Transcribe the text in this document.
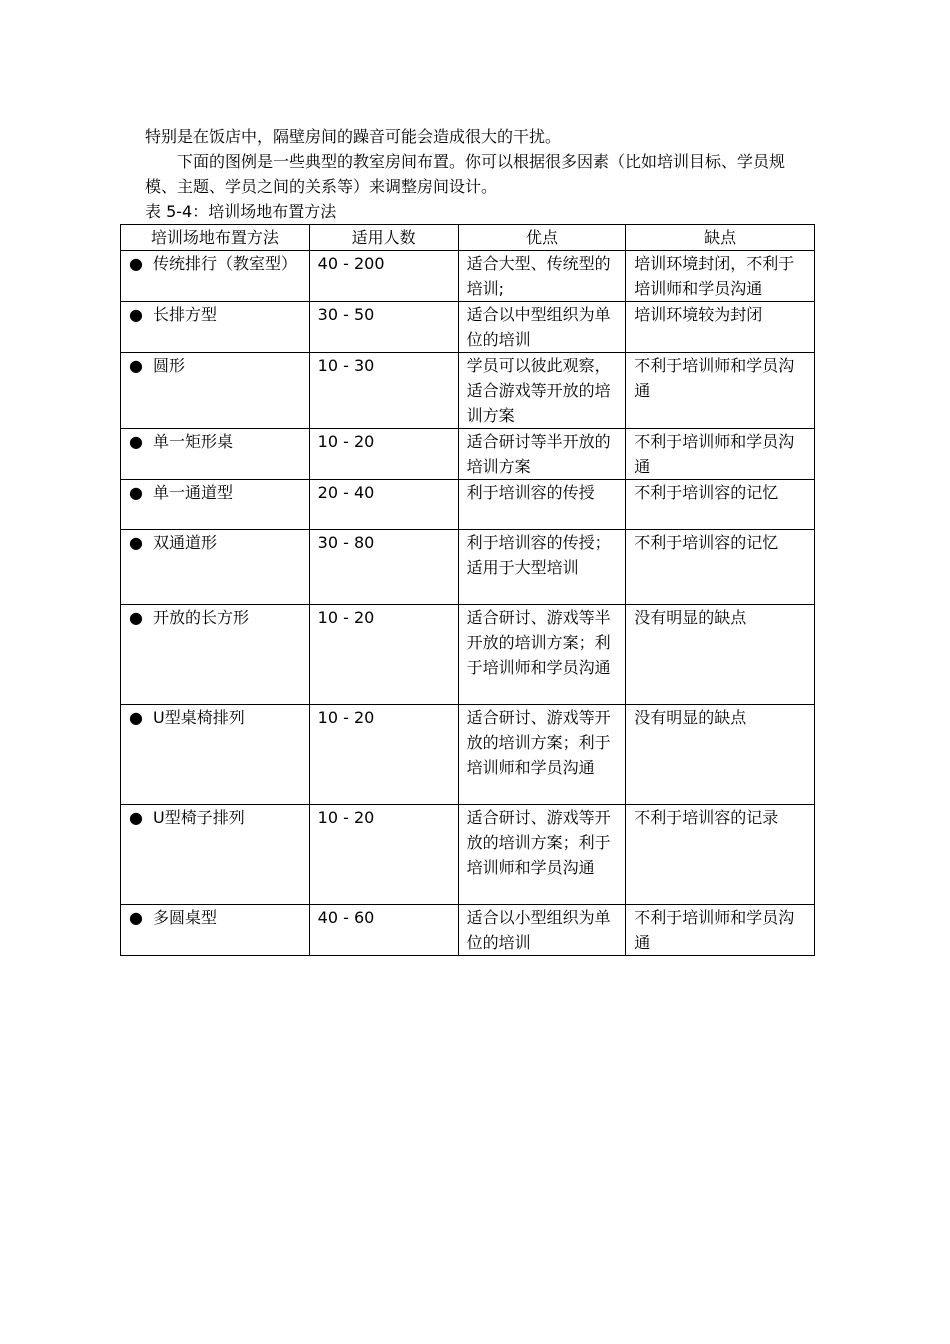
特别是在饭店中，隔壁房间的躁音可能会造成很大的干扰。

下面的图例是一些典型的教室房间布置。你可以根据很多因素（比如培训目标、学员规模、主题、学员之间的关系等）来调整房间设计。

表 5-4：培训场地布置方法

培训场地布置方法	适用人数	优点	缺点
● 传统排行（教室型）	40 - 200	适合大型、传统型的培训;	培训环境封闭，不利于培训师和学员沟通
● 长排方型	30 - 50	适合以中型组织为单位的培训	培训环境较为封闭
● 圆形	10 - 30	学员可以彼此观察，适合游戏等开放的培训方案	不利于培训师和学员沟通
● 单一矩形桌	10 - 20	适合研讨等半开放的培训方案	不利于培训师和学员沟通
● 单一通道型	20 - 40	利于培训容的传授	不利于培训容的记忆
● 双通道形	30 - 80	利于培训容的传授；适用于大型培训	不利于培训容的记忆
● 开放的长方形	10 - 20	适合研讨、游戏等半开放的培训方案；利于培训师和学员沟通	没有明显的缺点
● U型桌椅排列	10 - 20	适合研讨、游戏等开放的培训方案；利于培训师和学员沟通	没有明显的缺点
● U型椅子排列	10 - 20	适合研讨、游戏等开放的培训方案；利于培训师和学员沟通	不利于培训容的记录
● 多圆桌型	40 - 60	适合以小型组织为单位的培训	不利于培训师和学员沟通
